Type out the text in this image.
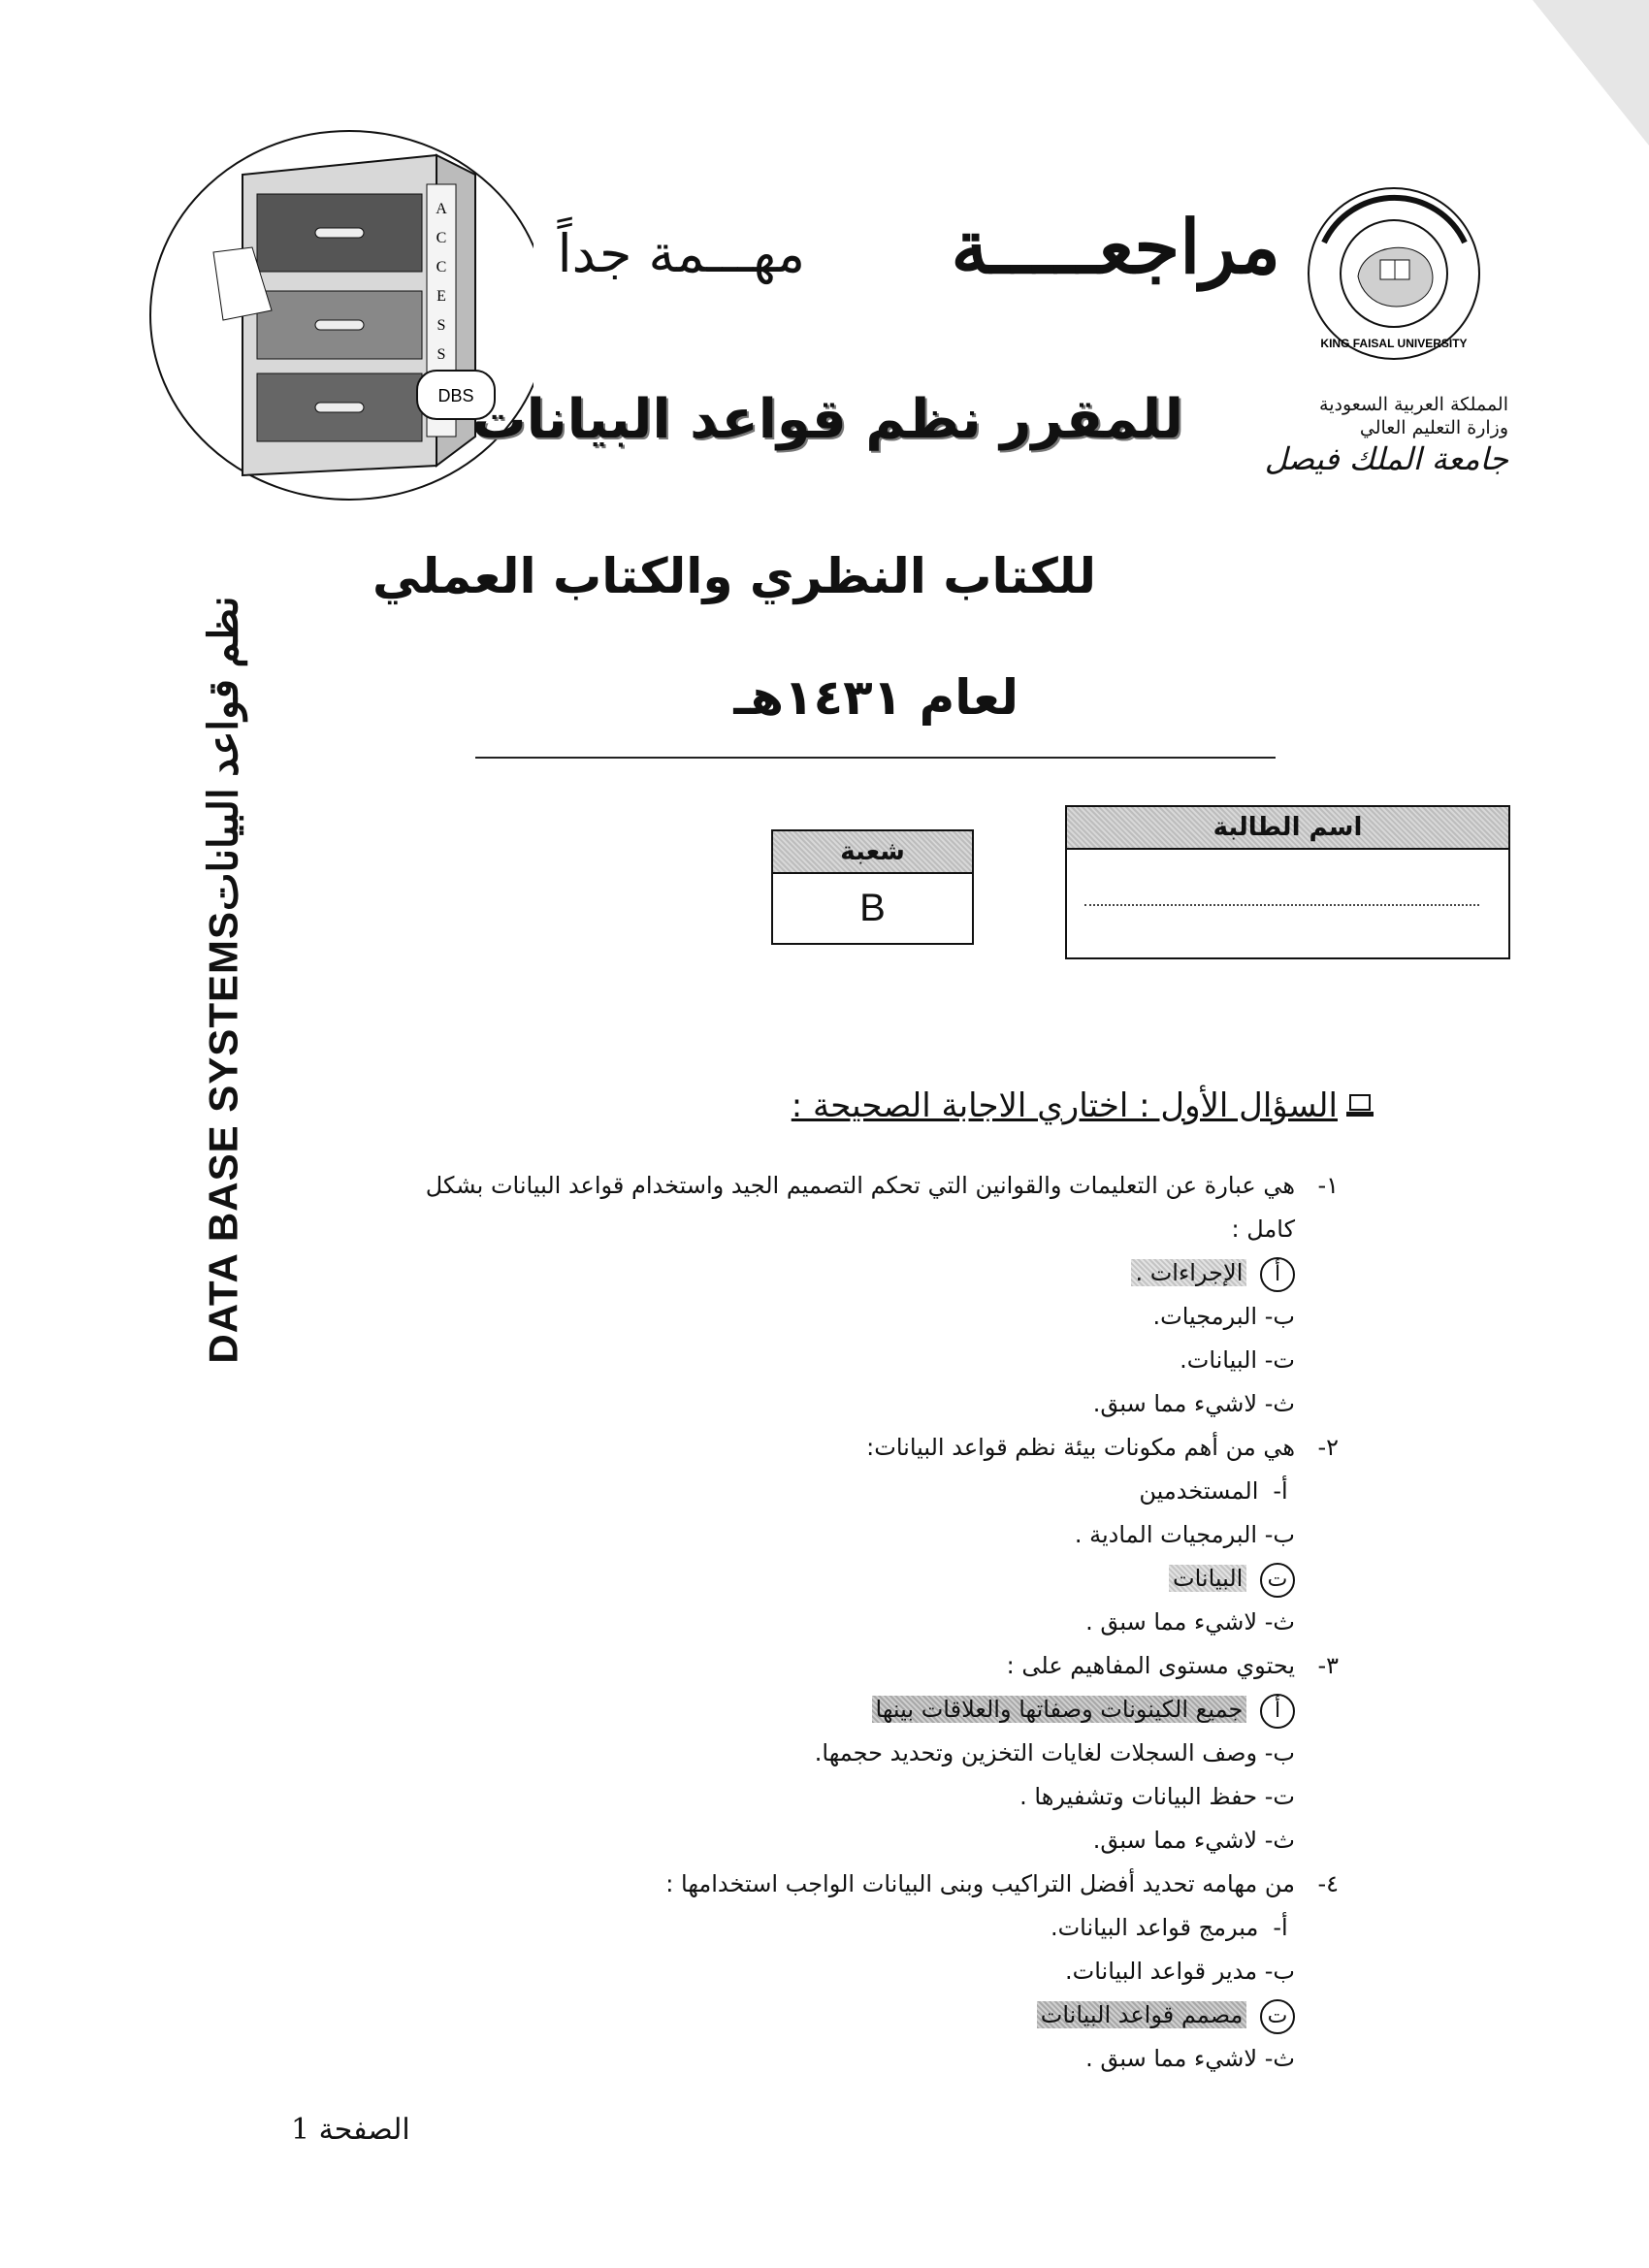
A
C
C
E
S
S
DBS
KING FAISAL UNIVERSITY
المملكة العربية السعودية
وزارة التعليم العالي
جامعة الملك فيصل
مراجعـــــة
مهـــمة جداً
للمقرر نظم قواعد البيانات
للكتاب النظري والكتاب العملي
لعام ١٤٣١هـ
DATA BASE SYSTEMSنظم قواعد البيانات	اسم الطالبة
شعبة
B
السؤال الأول : اختاري الاجابة الصحيحة :
١-
هي عبارة عن التعليمات والقوانين التي تحكم التصميم الجيد واستخدام قواعد البيانات بشكل
كامل :
أ الإجراءات .
ب- البرمجيات.
ت- البيانات.
ث- لاشيء مما سبق.
٢-
هي من أهم مكونات بيئة نظم قواعد البيانات:
أ- المستخدمين
ب- البرمجيات المادية .
ت البيانات
ث- لاشيء مما سبق .
٣-
يحتوي مستوى المفاهيم على :
أ جميع الكينونات وصفاتها والعلاقات بينها
ب- وصف السجلات لغايات التخزين وتحديد حجمها.
ت- حفظ البيانات وتشفيرها .
ث- لاشيء مما سبق.
٤-
من مهامه تحديد أفضل التراكيب وبنى البيانات الواجب استخدامها :
أ- مبرمج قواعد البيانات.
ب- مدير قواعد البيانات.
ت مصمم قواعد البيانات
ث- لاشيء مما سبق .
الصفحة 1
